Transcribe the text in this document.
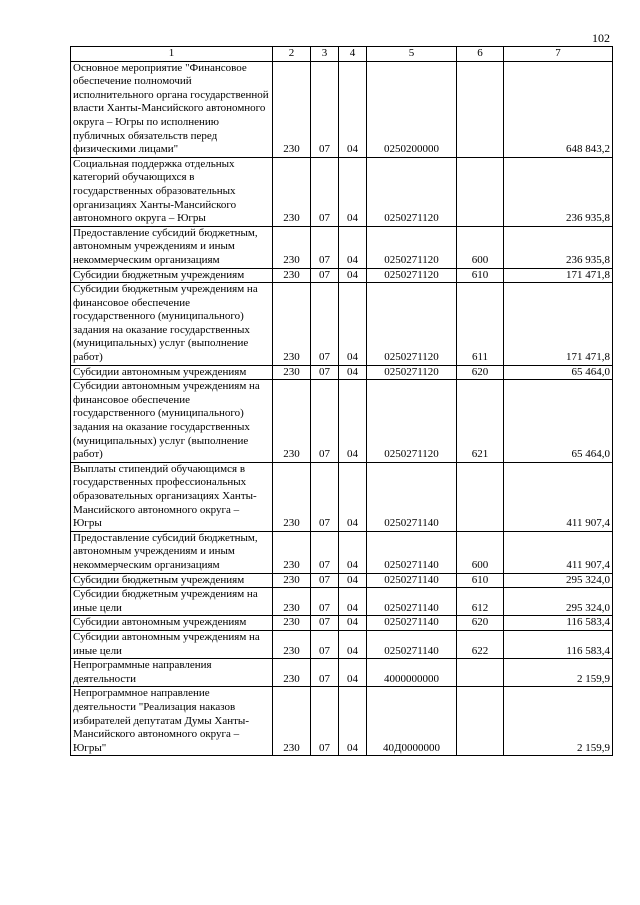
102
1	2	3	4	5	6	7
Основное мероприятие "Финансовое обеспечение полномочий исполнительного органа государственной власти Ханты-Мансийского автономного округа – Югры по исполнению публичных обязательств перед физическими лицами"	230	07	04	0250200000		648 843,2
Социальная поддержка отдельных категорий обучающихся в государственных образовательных организациях Ханты-Мансийского автономного округа – Югры	230	07	04	0250271120		236 935,8
Предоставление субсидий бюджетным, автономным учреждениям и иным некоммерческим организациям	230	07	04	0250271120	600	236 935,8
Субсидии бюджетным учреждениям	230	07	04	0250271120	610	171 471,8
Субсидии бюджетным учреждениям на финансовое обеспечение государственного (муниципального) задания на оказание государственных (муниципальных) услуг (выполнение работ)	230	07	04	0250271120	611	171 471,8
Субсидии автономным учреждениям	230	07	04	0250271120	620	65 464,0
Субсидии автономным учреждениям на финансовое обеспечение государственного (муниципального) задания на оказание государственных (муниципальных) услуг (выполнение работ)	230	07	04	0250271120	621	65 464,0
Выплаты стипендий обучающимся в государственных профессиональных образовательных организациях Ханты-Мансийского автономного округа – Югры	230	07	04	0250271140		411 907,4
Предоставление субсидий бюджетным, автономным учреждениям и иным некоммерческим организациям	230	07	04	0250271140	600	411 907,4
Субсидии бюджетным учреждениям	230	07	04	0250271140	610	295 324,0
Субсидии бюджетным учреждениям на иные цели	230	07	04	0250271140	612	295 324,0
Субсидии автономным учреждениям	230	07	04	0250271140	620	116 583,4
Субсидии автономным учреждениям на иные цели	230	07	04	0250271140	622	116 583,4
Непрограммные направления деятельности	230	07	04	4000000000		2 159,9
Непрограммное направление деятельности "Реализация наказов избирателей депутатам Думы Ханты-Мансийского автономного округа – Югры"	230	07	04	40Д0000000		2 159,9
